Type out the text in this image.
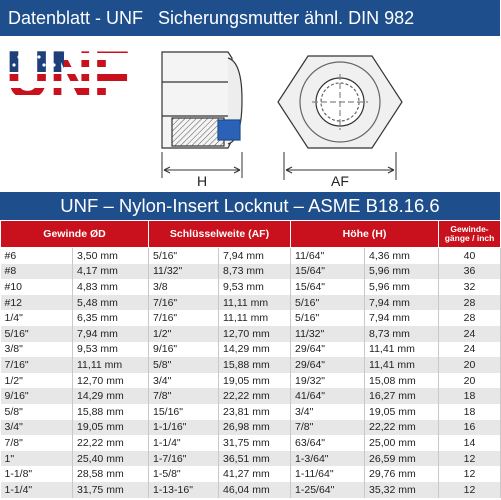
Datenblatt - UNF Sicherungsmutter ähnl. DIN 982
H	AF
UNF – Nylon-Insert Locknut – ASME B18.16.6
Gewinde ØD		Schlüsselweite (AF)		Höhe (H)		Gewinde-
gänge / inch
#6	3,50 mm	5/16"	7,94 mm	11/64"	4,36 mm	40
#8	4,17 mm	11/32"	8,73 mm	15/64"	5,96 mm	36
#10	4,83 mm	3/8	9,53 mm	15/64"	5,96 mm	32
#12	5,48 mm	7/16"	11,11 mm	5/16"	7,94 mm	28
1/4"	6,35 mm	7/16"	11,11 mm	5/16"	7,94 mm	28
5/16"	7,94 mm	1/2"	12,70 mm	11/32"	8,73 mm	24
3/8"	9,53 mm	9/16"	14,29 mm	29/64"	11,41 mm	24
7/16"	11,11 mm	5/8"	15,88 mm	29/64"	11,41 mm	20
1/2"	12,70 mm	3/4"	19,05 mm	19/32"	15,08 mm	20
9/16"	14,29 mm	7/8"	22,22 mm	41/64"	16,27 mm	18
5/8"	15,88 mm	15/16"	23,81 mm	3/4"	19,05 mm	18
3/4"	19,05 mm	1-1/16"	26,98 mm	7/8"	22,22 mm	16
7/8"	22,22 mm	1-1/4"	31,75 mm	63/64"	25,00 mm	14
1"	25,40 mm	1-7/16"	36,51 mm	1-3/64"	26,59 mm	12
1-1/8"	28,58 mm	1-5/8"	41,27 mm	1-11/64"	29,76 mm	12
1-1/4"	31,75 mm	1-13-16"	46,04 mm	1-25/64"	35,32 mm	12
